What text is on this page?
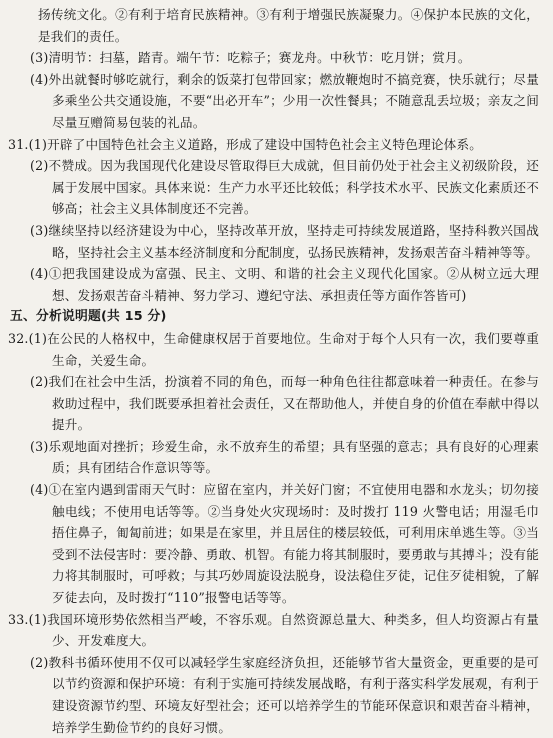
扬传统文化。②有利于培育民族精神。③有利于增强民族凝聚力。④保护本民族的文化，是我们的责任。

(3)清明节：扫墓，踏青。端午节：吃粽子；赛龙舟。中秋节：吃月饼；赏月。

(4)外出就餐时够吃就行，剩余的饭菜打包带回家；燃放鞭炮时不搞竞赛，快乐就行；尽量多乘坐公共交通设施，不要“出必开车”；少用一次性餐具；不随意乱丢垃圾；亲友之间尽量互赠简易包装的礼品。

31.(1)开辟了中国特色社会主义道路，形成了建设中国特色社会主义特色理论体系。

(2)不赞成。因为我国现代化建设尽管取得巨大成就，但目前仍处于社会主义初级阶段，还属于发展中国家。具体来说：生产力水平还比较低；科学技术水平、民族文化素质还不够高；社会主义具体制度还不完善。

(3)继续坚持以经济建设为中心，坚持改革开放，坚持走可持续发展道路，坚持科教兴国战略，坚持社会主义基本经济制度和分配制度，弘扬民族精神，发扬艰苦奋斗精神等等。

(4)①把我国建设成为富强、民主、文明、和谐的社会主义现代化国家。②从树立远大理想、发扬艰苦奋斗精神、努力学习、遵纪守法、承担责任等方面作答皆可)

五、分析说明题(共 15 分)

32.(1)在公民的人格权中，生命健康权居于首要地位。生命对于每个人只有一次，我们要尊重生命，关爱生命。

(2)我们在社会中生活，扮演着不同的角色，而每一种角色往往都意味着一种责任。在参与救助过程中，我们既要承担着社会责任，又在帮助他人，并使自身的价值在奉献中得以提升。

(3)乐观地面对挫折；珍爱生命，永不放弃生的希望；具有坚强的意志；具有良好的心理素质；具有团结合作意识等等。

(4)①在室内遇到雷雨天气时：应留在室内，并关好门窗；不宜使用电器和水龙头；切勿接触电线；不使用电话等等。②当身处火灾现场时：及时拨打 119 火警电话；用湿毛巾捂住鼻子，匍匐前进；如果是在家里，并且居住的楼层较低，可利用床单逃生等。③当受到不法侵害时：要冷静、勇敢、机智。有能力将其制服时，要勇敢与其搏斗；没有能力将其制服时，可呼救；与其巧妙周旋设法脱身，设法稳住歹徒，记住歹徒相貌，了解歹徒去向，及时拨打“110”报警电话等等。

33.(1)我国环境形势依然相当严峻，不容乐观。自然资源总量大、种类多，但人均资源占有量少、开发难度大。

(2)教科书循环使用不仅可以减轻学生家庭经济负担，还能够节省大量资金，更重要的是可以节约资源和保护环境：有利于实施可持续发展战略，有利于落实科学发展观，有利于建设资源节约型、环境友好型社会；还可以培养学生的节能环保意识和艰苦奋斗精神，培养学生勤俭节约的良好习惯。
